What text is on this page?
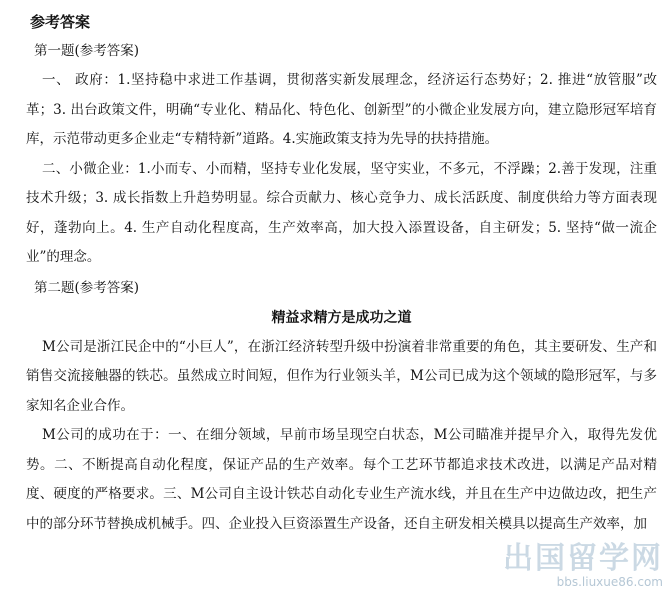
参考答案

第一题(参考答案)

一、 政府：1.坚持稳中求进工作基调，贯彻落实新发展理念，经济运行态势好；2. 推进“放管服”改革；3. 出台政策文件，明确“专业化、精品化、特色化、创新型”的小微企业发展方向，建立隐形冠军培育库，示范带动更多企业走“专精特新”道路。4.实施政策支持为先导的扶持措施。

二、小微企业：1.小而专、小而精，坚持专业化发展，坚守实业，不多元，不浮躁；2.善于发现，注重技术升级；3. 成长指数上升趋势明显。综合贡献力、核心竞争力、成长活跃度、制度供给力等方面表现好，蓬勃向上。4. 生产自动化程度高，生产效率高，加大投入添置设备，自主研发；5. 坚持“做一流企业”的理念。

第二题(参考答案)

精益求精方是成功之道

M公司是浙江民企中的“小巨人”，在浙江经济转型升级中扮演着非常重要的角色，其主要研发、生产和销售交流接触器的铁芯。虽然成立时间短，但作为行业领头羊，M公司已成为这个领域的隐形冠军，与多家知名企业合作。

M公司的成功在于：一、在细分领域，早前市场呈现空白状态，M公司瞄准并提早介入，取得先发优势。二、不断提高自动化程度，保证产品的生产效率。每个工艺环节都追求技术改进，以满足产品对精度、硬度的严格要求。三、M公司自主设计铁芯自动化专业生产流水线，并且在生产中边做边改，把生产中的部分环节替换成机械手。四、企业投入巨资添置生产设备，还自主研发相关模具以提高生产效率，加

出国留学网
bbs.liuxue86.com
